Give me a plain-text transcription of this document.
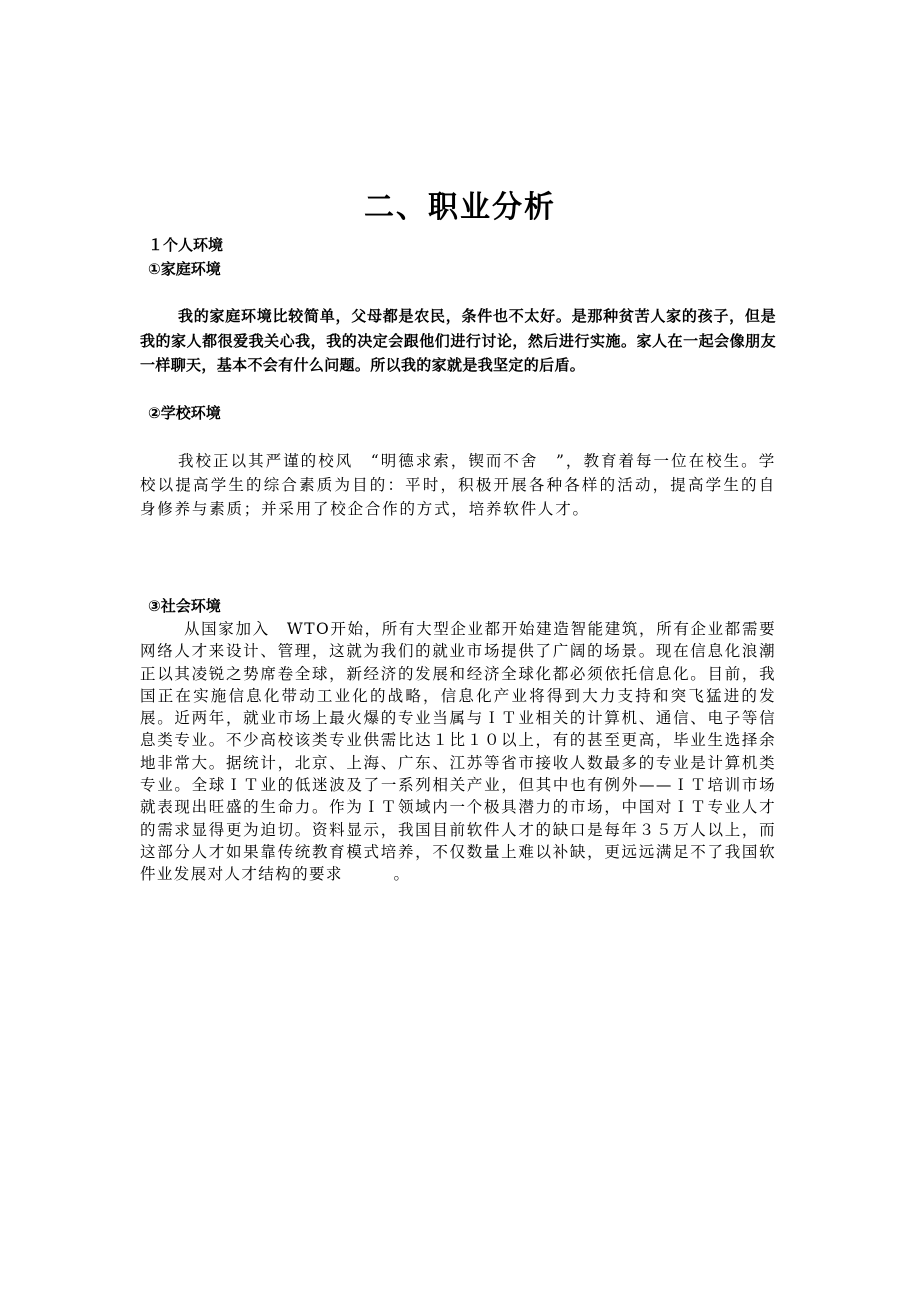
二、职业分析
１个人环境
①家庭环境
我的家庭环境比较简单，父母都是农民，条件也不太好。是那种贫苦人家的孩子，但是我的家人都很爱我关心我，我的决定会跟他们进行讨论，然后进行实施。家人在一起会像朋友一样聊天，基本不会有什么问题。所以我的家就是我坚定的后盾。
②学校环境
我校正以其严谨的校风　“明德求索，锲而不舍　”，教育着每一位在校生。学校以提高学生的综合素质为目的：平时，积极开展各种各样的活动，提高学生的自身修养与素质；并采用了校企合作的方式，培养软件人才。
③社会环境
从国家加入　WTO开始，所有大型企业都开始建造智能建筑，所有企业都需要网络人才来设计、管理，这就为我们的就业市场提供了广阔的场景。现在信息化浪潮正以其凌锐之势席卷全球，新经济的发展和经济全球化都必须依托信息化。目前，我国正在实施信息化带动工业化的战略，信息化产业将得到大力支持和突飞猛进的发展。近两年，就业市场上最火爆的专业当属与ＩＴ业相关的计算机、通信、电子等信息类专业。不少高校该类专业供需比达１比１０以上，有的甚至更高，毕业生选择余地非常大。据统计，北京、上海、广东、江苏等省市接收人数最多的专业是计算机类专业。全球ＩＴ业的低迷波及了一系列相关产业，但其中也有例外——ＩＴ培训市场就表现出旺盛的生命力。作为ＩＴ领域内一个极具潜力的市场，中国对ＩＴ专业人才的需求显得更为迫切。资料显示，我国目前软件人才的缺口是每年３５万人以上，而这部分人才如果靠传统教育模式培养，不仅数量上难以补缺，更远远满足不了我国软件业发展对人才结构的要求　　　。
